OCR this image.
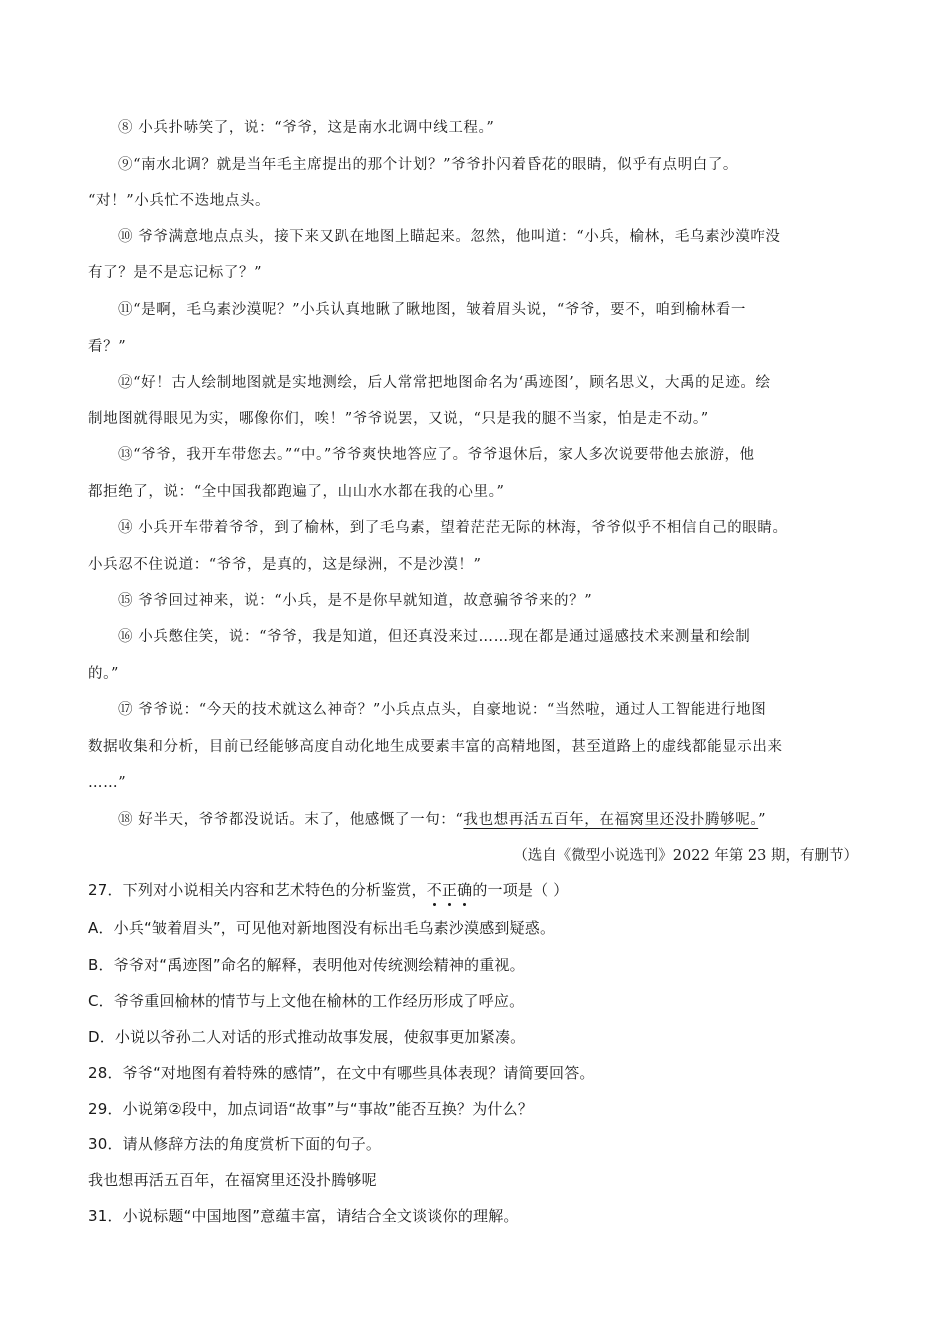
⑧ 小兵扑哧笑了，说：“爷爷，这是南水北调中线工程。”
⑨“南水北调？就是当年毛主席提出的那个计划？”爷爷扑闪着昏花的眼睛，似乎有点明白了。
“对！”小兵忙不迭地点头。
⑩ 爷爷满意地点点头，接下来又趴在地图上瞄起来。忽然，他叫道：“小兵，榆林，毛乌素沙漠咋没
有了？是不是忘记标了？”
⑪“是啊，毛乌素沙漠呢？”小兵认真地瞅了瞅地图，皱着眉头说，“爷爷，要不，咱到榆林看一
看？”
⑫“好！古人绘制地图就是实地测绘，后人常常把地图命名为‘禹迹图’，顾名思义，大禹的足迹。绘
制地图就得眼见为实，哪像你们，唉！”爷爷说罢，又说，“只是我的腿不当家，怕是走不动。”
⑬“爷爷，我开车带您去。”“中。”爷爷爽快地答应了。爷爷退休后，家人多次说要带他去旅游，他
都拒绝了，说：“全中国我都跑遍了，山山水水都在我的心里。”
⑭ 小兵开车带着爷爷，到了榆林，到了毛乌素，望着茫茫无际的林海，爷爷似乎不相信自己的眼睛。
小兵忍不住说道：“爷爷，是真的，这是绿洲，不是沙漠！”
⑮ 爷爷回过神来，说：“小兵，是不是你早就知道，故意骗爷爷来的？”
⑯ 小兵憋住笑，说：“爷爷，我是知道，但还真没来过……现在都是通过遥感技术来测量和绘制
的。”
⑰ 爷爷说：“今天的技术就这么神奇？”小兵点点头，自豪地说：“当然啦，通过人工智能进行地图
数据收集和分析，目前已经能够高度自动化地生成要素丰富的高精地图，甚至道路上的虚线都能显示出来
……”
⑱ 好半天，爷爷都没说话。末了，他感慨了一句：“我也想再活五百年，在福窝里还没扑腾够呢。”
（选自《微型小说选刊》2022 年第 23 期，有删节）
27．下列对小说相关内容和艺术特色的分析鉴赏，不正确的一项是（ ）
A．小兵“皱着眉头”，可见他对新地图没有标出毛乌素沙漠感到疑惑。
B．爷爷对“禹迹图”命名的解释，表明他对传统测绘精神的重视。
C．爷爷重回榆林的情节与上文他在榆林的工作经历形成了呼应。
D．小说以爷孙二人对话的形式推动故事发展，使叙事更加紧凑。
28．爷爷“对地图有着特殊的感情”，在文中有哪些具体表现？请简要回答。
29．小说第②段中，加点词语“故事”与“事故”能否互换？为什么？
30．请从修辞方法的角度赏析下面的句子。
我也想再活五百年，在福窝里还没扑腾够呢
31．小说标题“中国地图”意蕴丰富，请结合全文谈谈你的理解。
